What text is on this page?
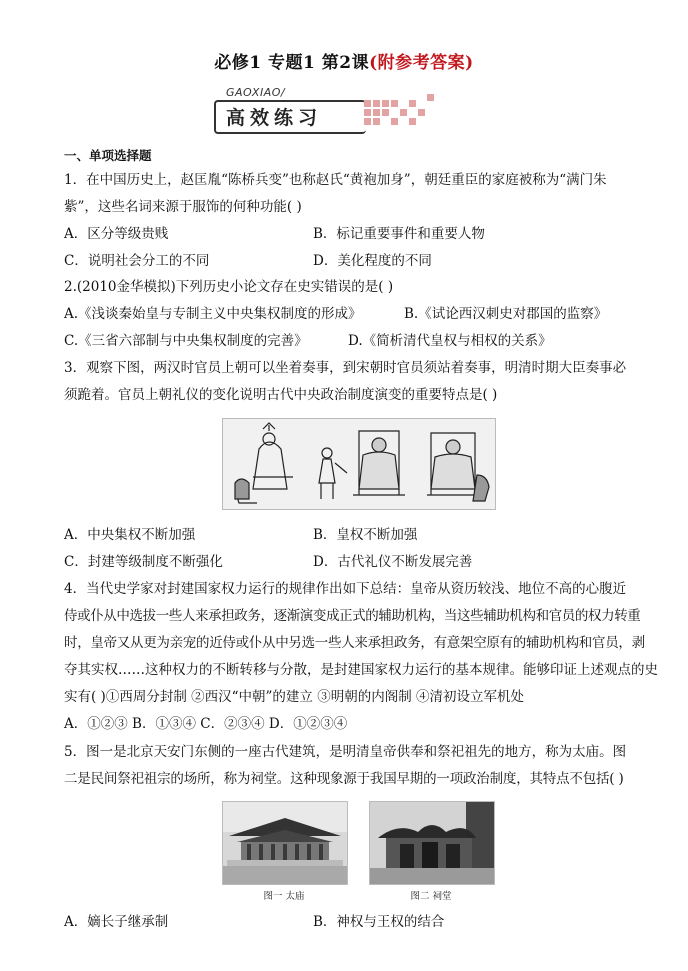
必修1 专题1 第2课(附参考答案)
GAOXIAO/
高效练习
一、单项选择题
1．在中国历史上，赵匡胤“陈桥兵变”也称赵氏“黄袍加身”，朝廷重臣的家庭被称为“满门朱
紫”，这些名词来源于服饰的何种功能( )
A．区分等级贵贱	B．标记重要事件和重要人物
C．说明社会分工的不同	D．美化程度的不同
2.(2010金华模拟)下列历史小论文存在史实错误的是( )
A.《浅谈秦始皇与专制主义中央集权制度的形成》	B.《试论西汉刺史对郡国的监察》
C.《三省六部制与中央集权制度的完善》	D.《简析清代皇权与相权的关系》
3．观察下图，两汉时官员上朝可以坐着奏事，到宋朝时官员须站着奏事，明清时期大臣奏事必
须跪着。官员上朝礼仪的变化说明古代中央政治制度演变的重要特点是( )
A．中央集权不断加强	B．皇权不断加强
C．封建等级制度不断强化	D．古代礼仪不断发展完善
4．当代史学家对封建国家权力运行的规律作出如下总结：皇帝从资历较浅、地位不高的心腹近
侍或仆从中选拔一些人来承担政务，逐渐演变成正式的辅助机构，当这些辅助机构和官员的权力转重
时，皇帝又从更为亲宠的近侍或仆从中另选一些人来承担政务，有意架空原有的辅助机构和官员，剥
夺其实权……这种权力的不断转移与分散，是封建国家权力运行的基本规律。能够印证上述观点的史
实有( )①西周分封制 ②西汉“中朝”的建立 ③明朝的内阁制 ④清初设立军机处
A．①②③ B．①③④ C．②③④ D．①②③④
5．图一是北京天安门东侧的一座古代建筑，是明清皇帝供奉和祭祀祖先的地方，称为太庙。图
二是民间祭祀祖宗的场所，称为祠堂。这种现象源于我国早期的一项政治制度，其特点不包括( )
图一 太庙	图二 祠堂
A．嫡长子继承制	B．神权与王权的结合
